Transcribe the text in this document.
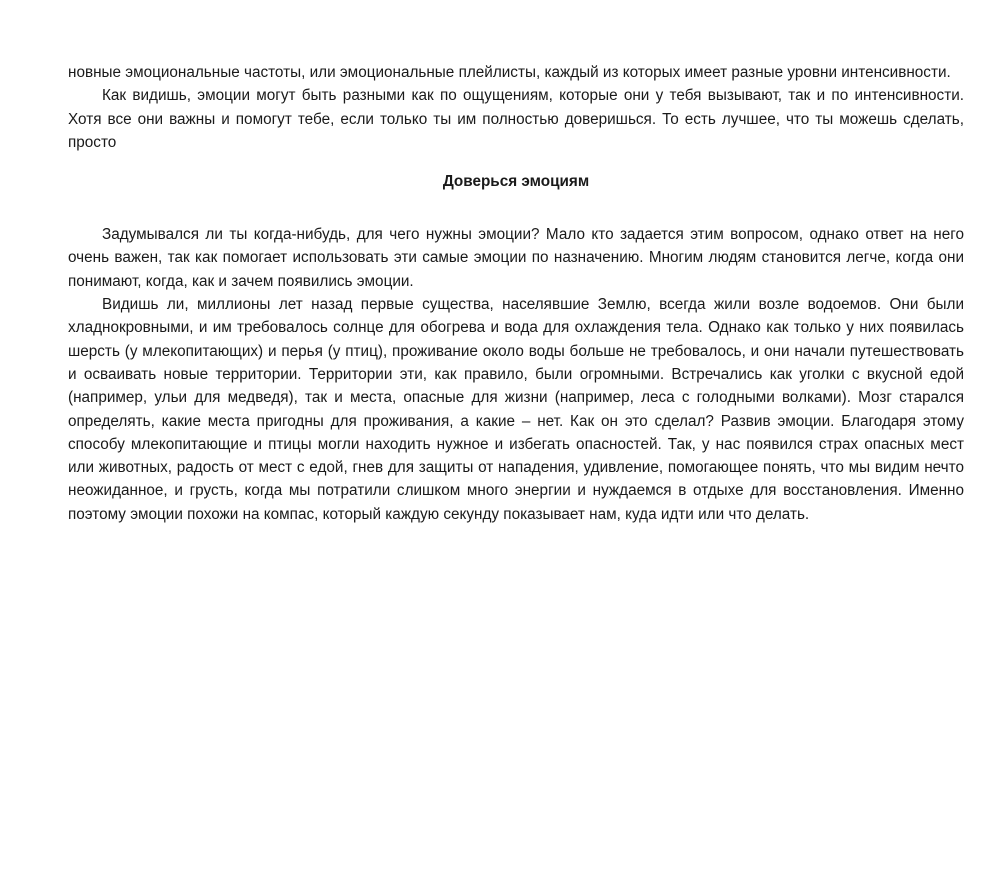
новные эмоциональные частоты, или эмоциональные плейлисты, каждый из которых имеет разные уровни интенсивности.

Как видишь, эмоции могут быть разными как по ощущениям, которые они у тебя вызывают, так и по интенсивности. Хотя все они важны и помогут тебе, если только ты им полностью доверишься. То есть лучшее, что ты можешь сделать, просто

Доверься эмоциям

Задумывался ли ты когда-нибудь, для чего нужны эмоции? Мало кто задается этим вопросом, однако ответ на него очень важен, так как помогает использовать эти самые эмоции по назначению. Многим людям становится легче, когда они понимают, когда, как и зачем появились эмоции.

Видишь ли, миллионы лет назад первые существа, населявшие Землю, всегда жили возле водоемов. Они были хладнокровными, и им требовалось солнце для обогрева и вода для охлаждения тела. Однако как только у них появилась шерсть (у млекопитающих) и перья (у птиц), проживание около воды больше не требовалось, и они начали путешествовать и осваивать новые территории. Территории эти, как правило, были огромными. Встречались как уголки с вкусной едой (например, ульи для медведя), так и места, опасные для жизни (например, леса с голодными волками). Мозг старался определять, какие места пригодны для проживания, а какие – нет. Как он это сделал? Развив эмоции. Благодаря этому способу млекопитающие и птицы могли находить нужное и избегать опасностей. Так, у нас появился страх опасных мест или животных, радость от мест с едой, гнев для защиты от нападения, удивление, помогающее понять, что мы видим нечто неожиданное, и грусть, когда мы потратили слишком много энергии и нуждаемся в отдыхе для восстановления. Именно поэтому эмоции похожи на компас, который каждую секунду показывает нам, куда идти или что делать.
